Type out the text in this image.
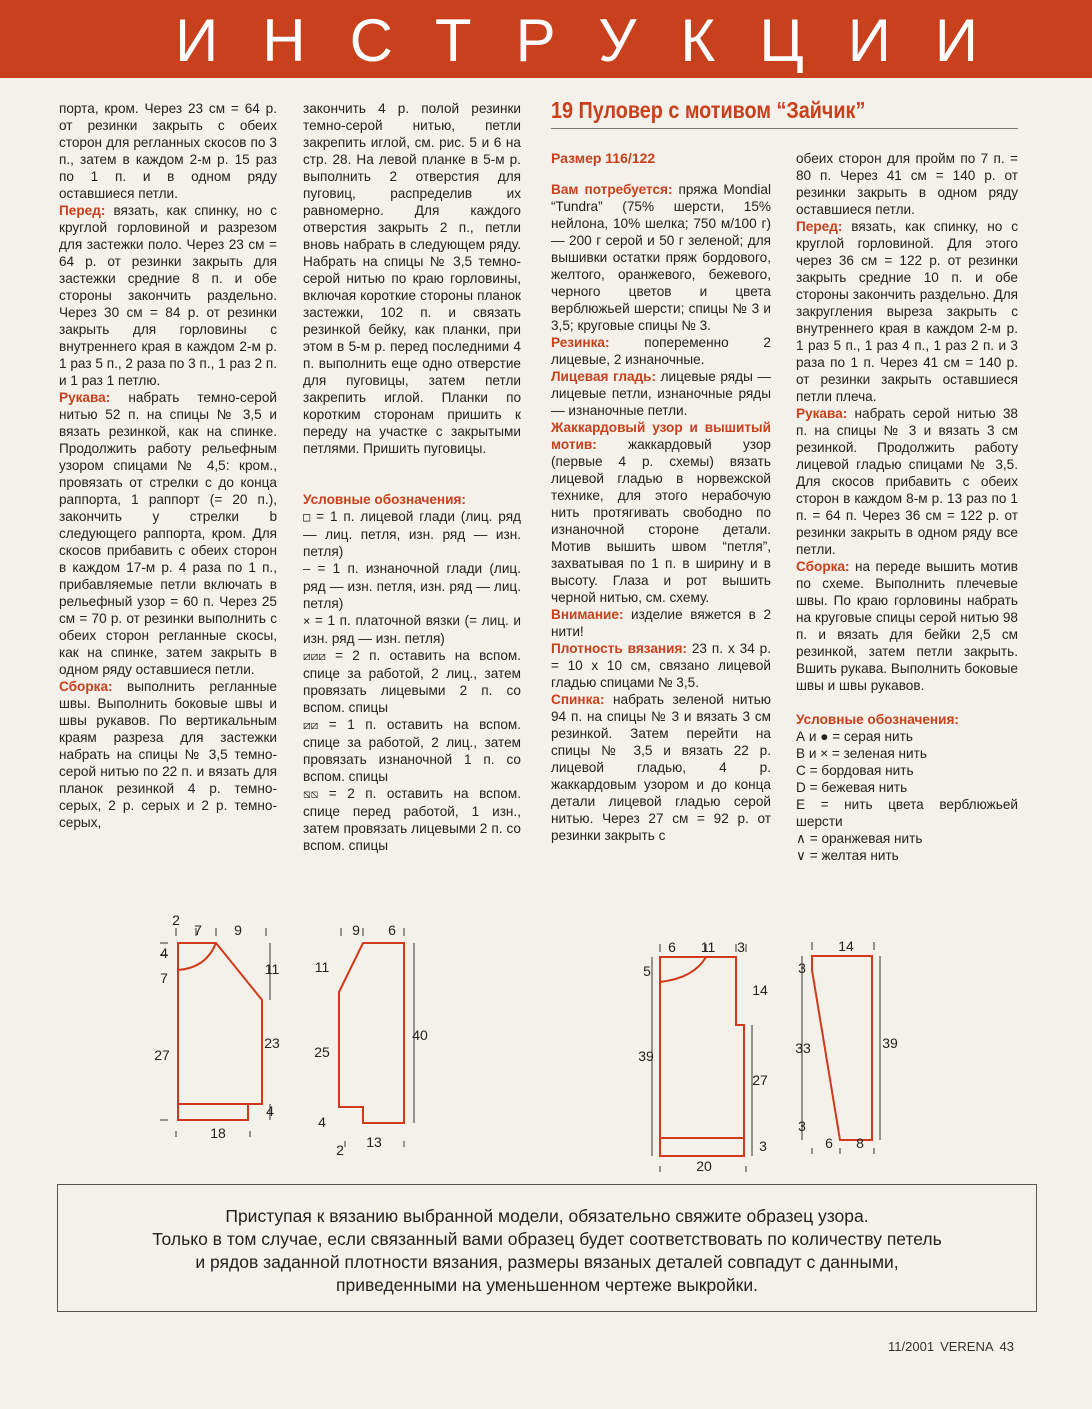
ИНСТРУКЦИИ

порта, кром. Через 23 см = 64 р. от резинки закрыть с обеих сторон для регланных скосов по 3 п., затем в каждом 2-м р. 15 раз по 1 п. и в одном ряду оставшиеся петли.

Перед: вязать, как спинку, но с круглой горловиной и разрезом для застежки поло. Через 23 см = 64 р. от резинки закрыть для застежки средние 8 п. и обе стороны закончить раздельно. Через 30 см = 84 р. от резинки закрыть для горловины с внутреннего края в каждом 2-м р. 1 раз 5 п., 2 раза по 3 п., 1 раз 2 п. и 1 раз 1 петлю.

Рукава: набрать темно-серой нитью 52 п. на спицы № 3,5 и вязать резинкой, как на спинке. Продолжить работу рельефным узором спицами № 4,5: кром., провязать от стрелки c до конца раппорта, 1 раппорт (= 20 п.), закончить у стрелки b следующего раппорта, кром. Для скосов прибавить с обеих сторон в каждом 17-м р. 4 раза по 1 п., прибавляемые петли включать в рельефный узор = 60 п. Через 25 см = 70 р. от резинки выполнить с обеих сторон регланные скосы, как на спинке, затем закрыть в одном ряду оставшиеся петли.

Сборка: выполнить регланные швы. Выполнить боковые швы и швы рукавов. По вертикальным краям разреза для застежки набрать на спицы № 3,5 темно-серой нитью по 22 п. и вязать для планок резинкой 4 р. темно-серых, 2 р. серых и 2 р. темно-серых,

закончить 4 р. полой резинки темно-серой нитью, петли закрепить иглой, см. рис. 5 и 6 на стр. 28. На левой планке в 5-м р. выполнить 2 отверстия для пуговиц, распределив их равномерно. Для каждого отверстия закрыть 2 п., петли вновь набрать в следующем ряду. Набрать на спицы № 3,5 темно-серой нитью по краю горловины, включая короткие стороны планок застежки, 102 п. и связать резинкой бейку, как планки, при этом в 5-м р. перед последними 4 п. выполнить еще одно отверстие для пуговицы, затем петли закрепить иглой. Планки по коротким сторонам пришить к переду на участке с закрытыми петлями. Пришить пуговицы.

Условные обозначения:

□ = 1 п. лицевой глади (лиц. ряд — лиц. петля, изн. ряд — изн. петля)

— = 1 п. изнаночной глади (лиц. ряд — изн. петля, изн. ряд — лиц. петля)

× = 1 п. платочной вязки (= лиц. и изн. ряд — изн. петля)

⧄⧄⧄ = 2 п. оставить на вспом. спице за работой, 2 лиц., затем провязать лицевыми 2 п. со вспом. спицы

⧄⧄ = 1 п. оставить на вспом. спице за работой, 2 лиц., затем провязать изнаночной 1 п. со вспом. спицы

⧅⧅ = 2 п. оставить на вспом. спице перед работой, 1 изн., затем провязать лицевыми 2 п. со вспом. спицы

19 Пуловер с мотивом “Зайчик”
Размер 116/122

Вам потребуется: пряжа Mondial “Tundra” (75% шерсти, 15% нейлона, 10% шелка; 750 м/100 г) — 200 г серой и 50 г зеленой; для вышивки остатки пряж бордового, желтого, оранжевого, бежевого, черного цветов и цвета верблюжьей шерсти; спицы № 3 и 3,5; круговые спицы № 3.

Резинка: попеременно 2 лицевые, 2 изнаночные.

Лицевая гладь: лицевые ряды — лицевые петли, изнаночные ряды — изнаночные петли.

Жаккардовый узор и вышитый мотив: жаккардовый узор (первые 4 р. схемы) вязать лицевой гладью в норвежской технике, для этого нерабочую нить протягивать свободно по изнаночной стороне детали. Мотив вышить швом “петля”, захватывая по 1 п. в ширину и в высоту. Глаза и рот вышить черной нитью, см. схему.

Внимание: изделие вяжется в 2 нити!

Плотность вязания: 23 п. х 34 р. = 10 х 10 см, связано лицевой гладью спицами № 3,5.

Спинка: набрать зеленой нитью 94 п. на спицы № 3 и вязать 3 см резинкой. Затем перейти на спицы № 3,5 и вязать 22 р. лицевой гладью, 4 р. жаккардовым узором и до конца детали лицевой гладью серой нитью. Через 27 см = 92 р. от резинки закрыть с

обеих сторон для пройм по 7 п. = 80 п. Через 41 см = 140 р. от резинки закрыть в одном ряду оставшиеся петли.

Перед: вязать, как спинку, но с круглой горловиной. Для этого через 36 см = 122 р. от резинки закрыть средние 10 п. и обе стороны закончить раздельно. Для закругления выреза закрыть с внутреннего края в каждом 2-м р. 1 раз 5 п., 1 раз 4 п., 1 раз 2 п. и 3 раза по 1 п. Через 41 см = 140 р. от резинки закрыть оставшиеся петли плеча.

Рукава: набрать серой нитью 38 п. на спицы № 3 и вязать 3 см резинкой. Продолжить работу лицевой гладью спицами № 3,5. Для скосов прибавить с обеих сторон в каждом 8-м р. 13 раз по 1 п. = 64 п. Через 36 см = 122 р. от резинки закрыть в одном ряду все петли.

Сборка: на переде вышить мотив по схеме. Выполнить плечевые швы. По краю горловины набрать на круговые спицы серой нитью 98 п. и вязать для бейки 2,5 см резинкой, затем петли закрыть. Вшить рукава. Выполнить боковые швы и швы рукавов.

Условные обозначения:

А и ● = серая нить

В и × = зеленая нить

С = бордовая нить

D = бежевая нить

Е = нить цвета верблюжьей шерсти

∧ = оранжевая нить

∨ = желтая нить

2
7 9
4
7
11
27
23
4
18
9 6
11
25
40
4
2 13
6 11 3
5
14
39
27
3
20
14
3
33	39
3
6 8
Приступая к вязанию выбранной модели, обязательно свяжите образец узора.
Только в том случае, если связанный вами образец будет соответствовать по количеству петель
и рядов заданной плотности вязания, размеры вязаных деталей совпадут с данными,
приведенными на уменьшенном чертеже выкройки.
11/2001 VERENA 43
